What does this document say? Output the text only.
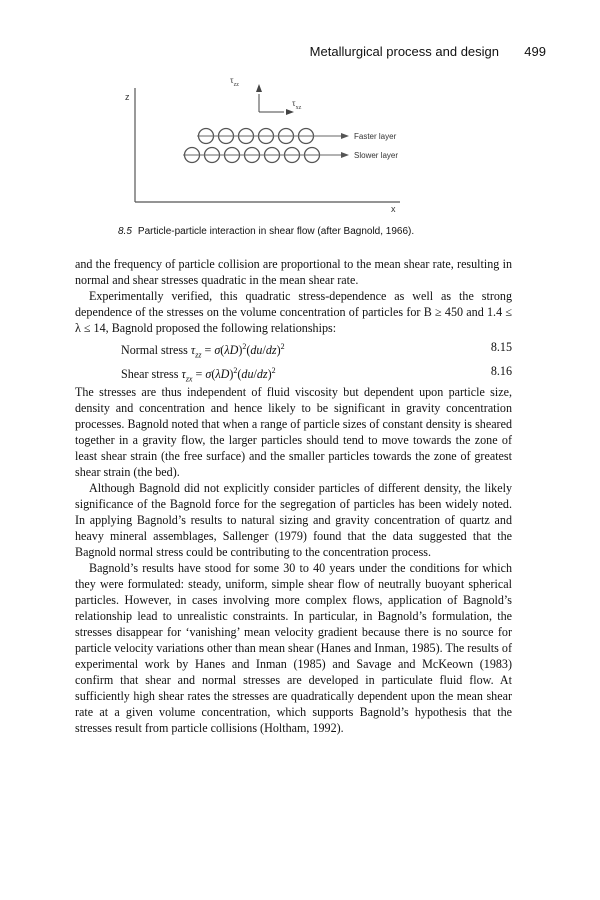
Metallurgical process and design 499
z
x
$\tau_{zz}$
$\tau_{xz}$
Faster layer
Slower layer
8.5 Particle-particle interaction in shear flow (after Bagnold, 1966).

and the frequency of particle collision are proportional to the mean shear rate, resulting in normal and shear stresses quadratic in the mean shear rate.

Experimentally verified, this quadratic stress-dependence as well as the strong dependence of the stresses on the volume concentration of particles for B ≥ 450 and 1.4 ≤ λ ≤ 14, Bagnold proposed the following relationships:

Normal stress $\tau_{zz} = \sigma(\lambda D)^2(du/dz)^2$	8.15
Shear stress $\tau_{zx} = \sigma(\lambda D)^2(du/dz)^2$	8.16

The stresses are thus independent of fluid viscosity but dependent upon particle size, density and concentration and hence likely to be significant in gravity concentration processes. Bagnold noted that when a range of particle sizes of constant density is sheared together in a gravity flow, the larger particles should tend to move towards the zone of least shear strain (the free surface) and the smaller particles towards the zone of greatest shear strain (the bed).

Although Bagnold did not explicitly consider particles of different density, the likely significance of the Bagnold force for the segregation of particles has been widely noted. In applying Bagnold’s results to natural sizing and gravity concentration of quartz and heavy mineral assemblages, Sallenger (1979) found that the data suggested that the Bagnold normal stress could be contributing to the concentration process.

Bagnold’s results have stood for some 30 to 40 years under the conditions for which they were formulated: steady, uniform, simple shear flow of neutrally buoyant spherical particles. However, in cases involving more complex flows, application of Bagnold’s relationship lead to unrealistic constraints. In particular, in Bagnold’s formulation, the stresses disappear for ‘vanishing’ mean velocity gradient because there is no source for particle velocity variations other than mean shear (Hanes and Inman, 1985). The results of experimental work by Hanes and Inman (1985) and Savage and McKeown (1983) confirm that shear and normal stresses are developed in particulate fluid flow. At sufficiently high shear rates the stresses are quadratically dependent upon the mean shear rate at a given volume concentration, which supports Bagnold’s hypothesis that the stresses result from particle collisions (Holtham, 1992).
